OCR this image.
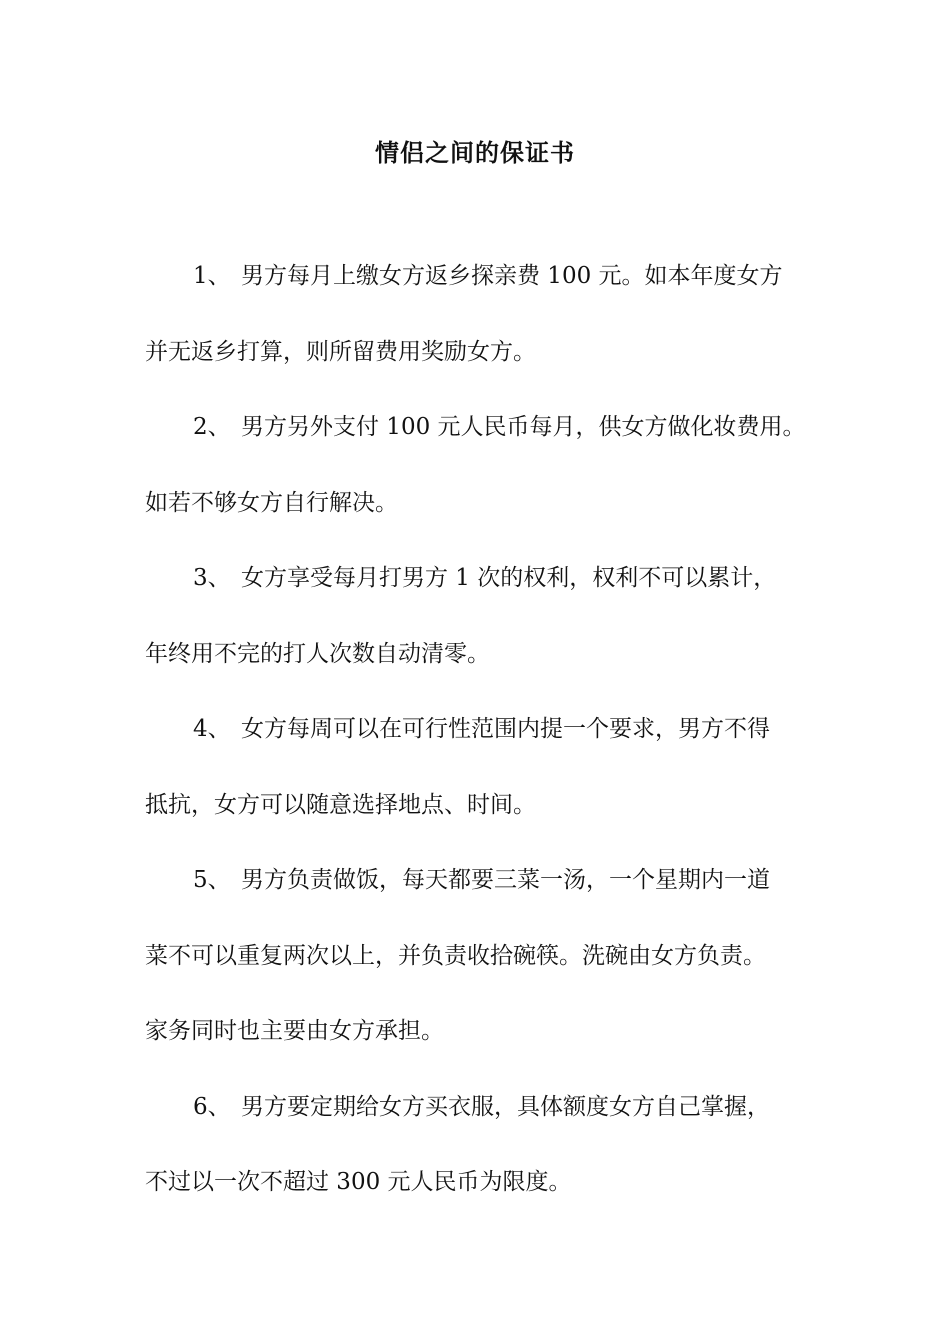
情侣之间的保证书
1、 男方每月上缴女方返乡探亲费 100 元。如本年度女方
并无返乡打算，则所留费用奖励女方。
2、 男方另外支付 100 元人民币每月，供女方做化妆费用。
如若不够女方自行解决。
3、 女方享受每月打男方 1 次的权利，权利不可以累计，
年终用不完的打人次数自动清零。
4、 女方每周可以在可行性范围内提一个要求，男方不得
抵抗，女方可以随意选择地点、时间。
5、 男方负责做饭，每天都要三菜一汤，一个星期内一道
菜不可以重复两次以上，并负责收拾碗筷。洗碗由女方负责。
家务同时也主要由女方承担。
6、 男方要定期给女方买衣服，具体额度女方自己掌握，
不过以一次不超过 300 元人民币为限度。
